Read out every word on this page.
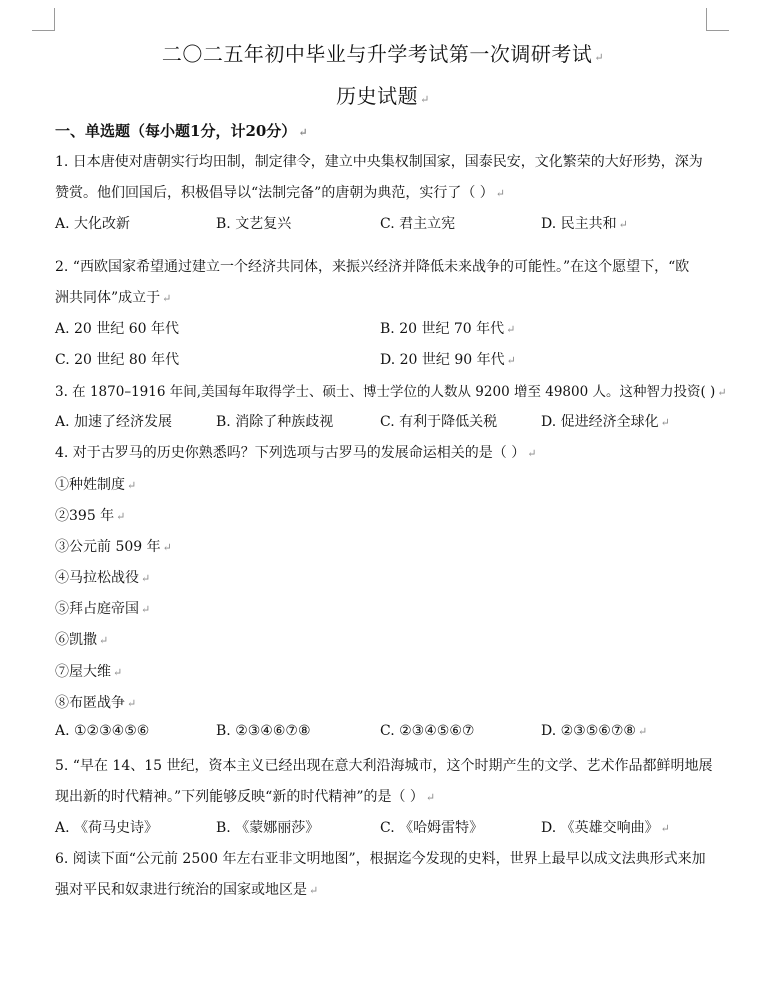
二〇二五年初中毕业与升学考试第一次调研考试 ↵
历史试题 ↵
一、单选题（每小题1分，计20分） ↵
1. 日本唐使对唐朝实行均田制，制定律令，建立中央集权制国家，国泰民安，文化繁荣的大好形势，深为
赞赏。他们回国后，积极倡导以“法制完备”的唐朝为典范，实行了（ ） ↵
A. 大化改新	B. 文艺复兴	C. 君主立宪	D. 民主共和 ↵
2. “西欧国家希望通过建立一个经济共同体，来振兴经济并降低未来战争的可能性。”在这个愿望下，“欧
洲共同体”成立于 ↵
A. 20 世纪 60 年代	B. 20 世纪 70 年代 ↵
C. 20 世纪 80 年代	D. 20 世纪 90 年代 ↵
3. 在 1870–1916 年间,美国每年取得学士、硕士、博士学位的人数从 9200 增至 49800 人。这种智力投资( ) ↵
A. 加速了经济发展	B. 消除了种族歧视	C. 有利于降低关税	D. 促进经济全球化 ↵
4. 对于古罗马的历史你熟悉吗？下列选项与古罗马的发展命运相关的是（ ） ↵
①种姓制度 ↵
②395 年 ↵
③公元前 509 年 ↵
④马拉松战役 ↵
⑤拜占庭帝国 ↵
⑥凯撒 ↵
⑦屋大维 ↵
⑧布匿战争 ↵
A. ①②③④⑤⑥	B. ②③④⑥⑦⑧	C. ②③④⑤⑥⑦	D. ②③⑤⑥⑦⑧ ↵
5. “早在 14、15 世纪，资本主义已经出现在意大利沿海城市，这个时期产生的文学、艺术作品都鲜明地展
现出新的时代精神。”下列能够反映“新的时代精神”的是（ ） ↵
A. 《荷马史诗》	B. 《蒙娜丽莎》	C. 《哈姆雷特》	D. 《英雄交响曲》 ↵
6. 阅读下面“公元前 2500 年左右亚非文明地图”，根据迄今发现的史料，世界上最早以成文法典形式来加
强对平民和奴隶进行统治的国家或地区是 ↵
